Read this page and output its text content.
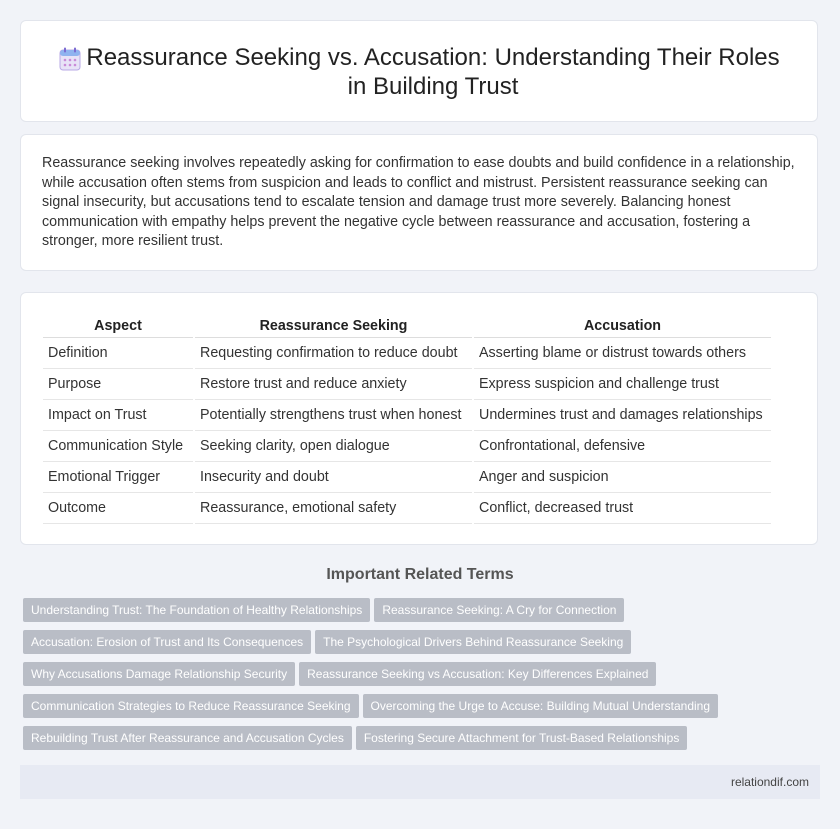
Reassurance Seeking vs. Accusation: Understanding Their Roles in Building Trust

Reassurance seeking involves repeatedly asking for confirmation to ease doubts and build confidence in a relationship, while accusation often stems from suspicion and leads to conflict and mistrust. Persistent reassurance seeking can signal insecurity, but accusations tend to escalate tension and damage trust more severely. Balancing honest communication with empathy helps prevent the negative cycle between reassurance and accusation, fostering a stronger, more resilient trust.

Aspect	Reassurance Seeking	Accusation
Definition	Requesting confirmation to reduce doubt	Asserting blame or distrust towards others
Purpose	Restore trust and reduce anxiety	Express suspicion and challenge trust
Impact on Trust	Potentially strengthens trust when honest	Undermines trust and damages relationships
Communication Style	Seeking clarity, open dialogue	Confrontational, defensive
Emotional Trigger	Insecurity and doubt	Anger and suspicion
Outcome	Reassurance, emotional safety	Conflict, decreased trust
Important Related Terms
Understanding Trust: The Foundation of Healthy Relationships Reassurance Seeking: A Cry for Connection
Accusation: Erosion of Trust and Its Consequences The Psychological Drivers Behind Reassurance Seeking
Why Accusations Damage Relationship Security Reassurance Seeking vs Accusation: Key Differences Explained
Communication Strategies to Reduce Reassurance Seeking Overcoming the Urge to Accuse: Building Mutual Understanding
Rebuilding Trust After Reassurance and Accusation Cycles Fostering Secure Attachment for Trust-Based Relationships
relationdif.com
